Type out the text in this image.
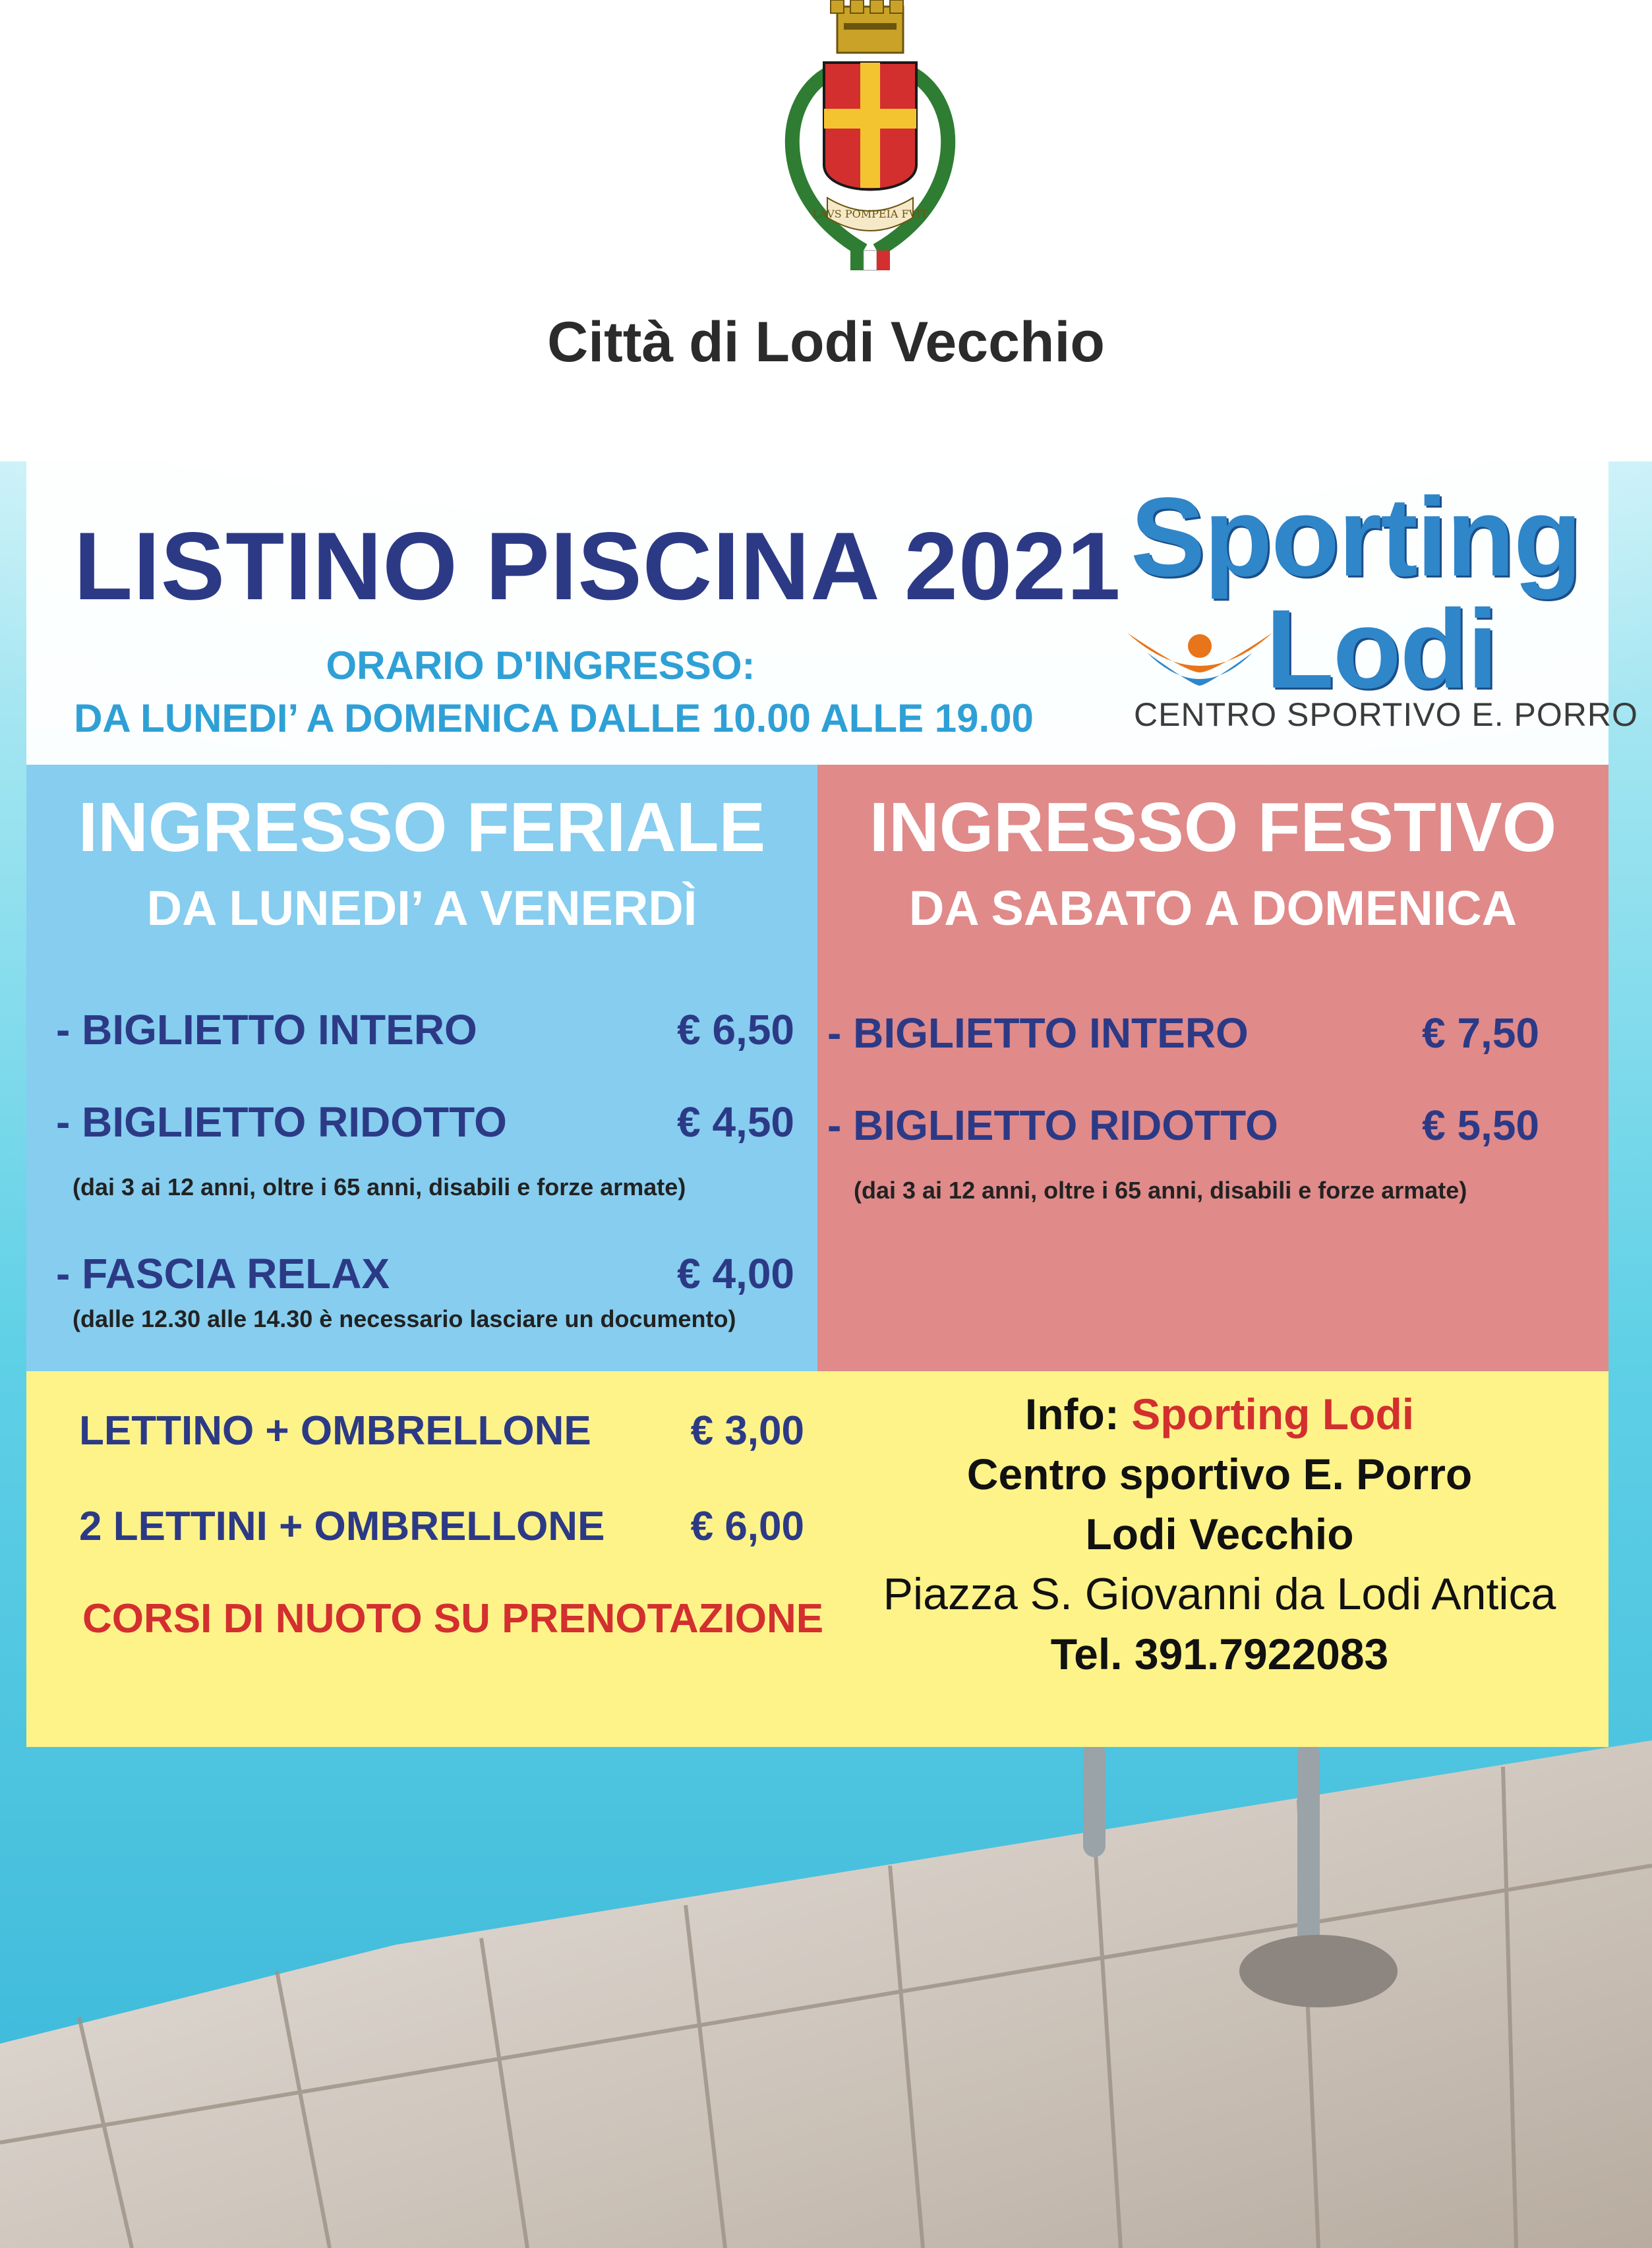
LAVS POMPEIA FVIT
Città di Lodi Vecchio
LISTINO PISCINA 2021
ORARIO D'INGRESSO:
DA LUNEDI’ A DOMENICA DALLE 10.00 ALLE 19.00
Sporting
Lodi
CENTRO SPORTIVO E. PORRO
INGRESSO FERIALE
DA LUNEDI’ A VENERDÌ
- BIGLIETTO INTERO	€ 6,50
- BIGLIETTO RIDOTTO	€ 4,50
(dai 3 ai 12 anni, oltre i 65 anni, disabili e forze armate)
- FASCIA RELAX	€ 4,00
(dalle 12.30 alle 14.30 è necessario lasciare un documento)
INGRESSO FESTIVO
DA SABATO A DOMENICA
- BIGLIETTO INTERO	€ 7,50
- BIGLIETTO RIDOTTO	€ 5,50
(dai 3 ai 12 anni, oltre i 65 anni, disabili e forze armate)
LETTINO + OMBRELLONE € 3,00
2 LETTINI + OMBRELLONE € 6,00
CORSI DI NUOTO SU PRENOTAZIONE
Info: Sporting Lodi
Centro sportivo E. Porro
Lodi Vecchio
Piazza S. Giovanni da Lodi Antica
Tel. 391.7922083
